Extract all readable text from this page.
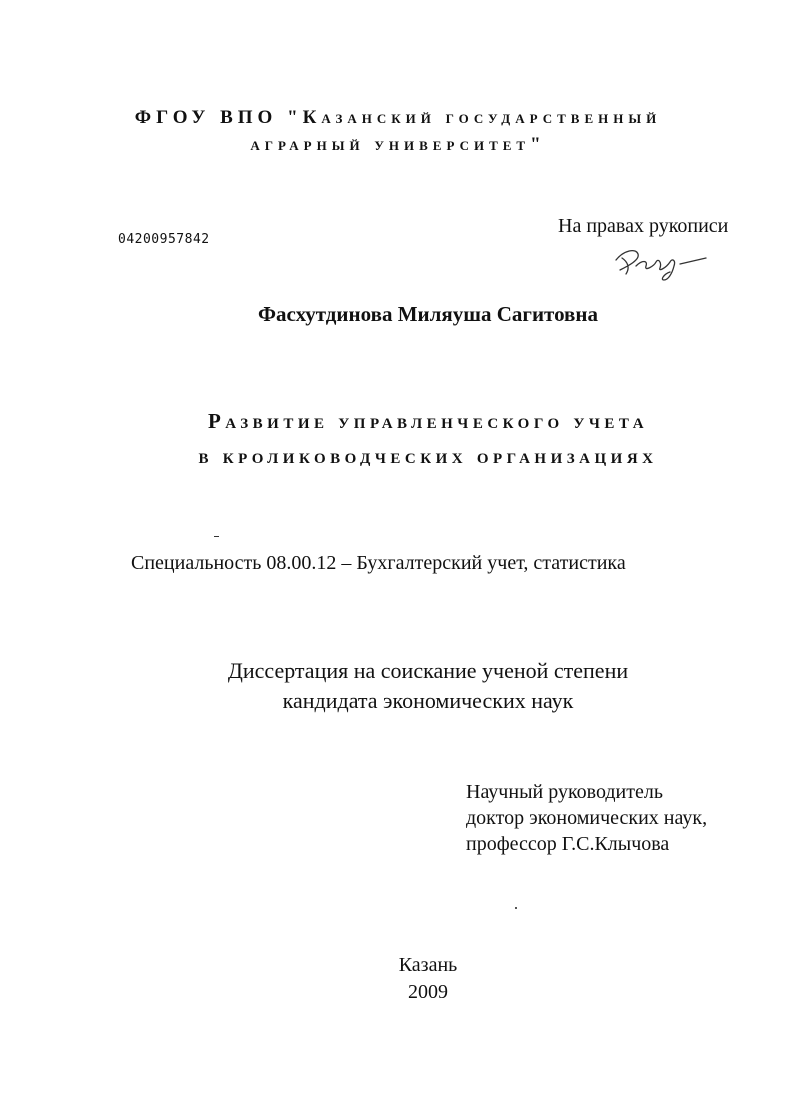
ФГОУ ВПО "Казанский государственный
аграрный университет"
04200957842
На правах рукописи
Фасхутдинова Миляуша Сагитовна
Развитие управленческого учета
в кролиководческих организациях
Специальность 08.00.12 – Бухгалтерский учет, статистика
Диссертация на соискание ученой степени
кандидата экономических наук
Научный руководитель
доктор экономических наук,
профессор Г.С.Клычова
Казань
2009
